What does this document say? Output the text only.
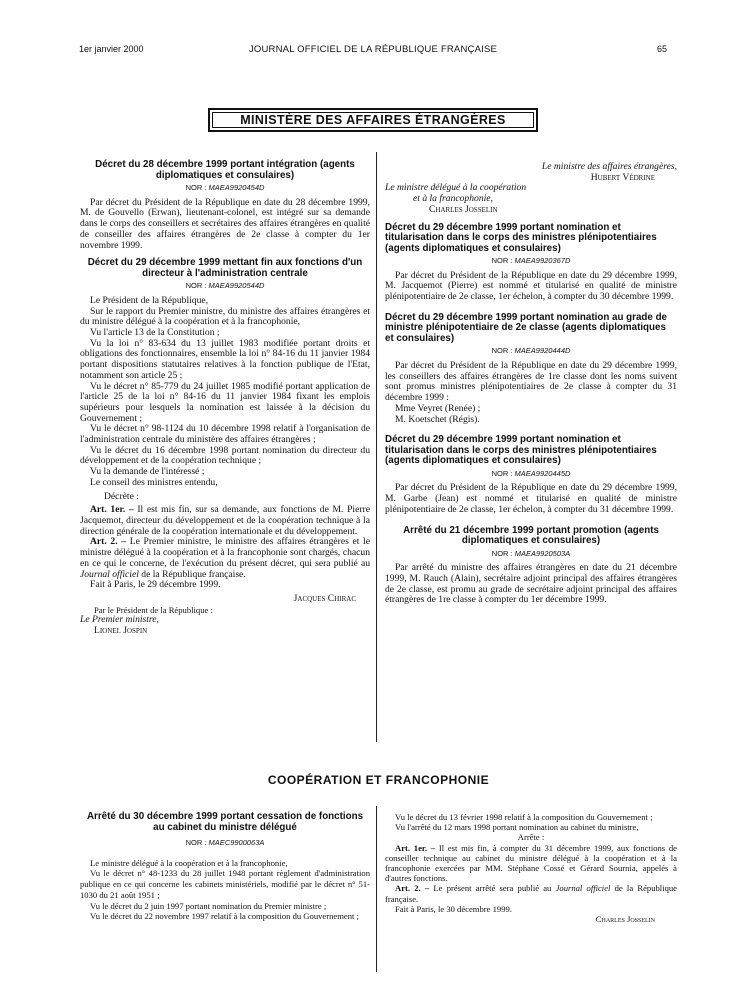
1er janvier 2000	JOURNAL OFFICIEL DE LA RÉPUBLIQUE FRANÇAISE	65
MINISTÈRE DES AFFAIRES ÉTRANGÈRES
Décret du 28 décembre 1999 portant intégration (agents diplomatiques et consulaires)
NOR : MAEA9920454D

Par décret du Président de la République en date du 28 décembre 1999, M. de Gouvello (Erwan), lieutenant-colonel, est intégré sur sa demande dans le corps des conseillers et secrétaires des affaires étrangères en qualité de conseiller des affaires étrangères de 2e classe à compter du 1er novembre 1999.

Décret du 29 décembre 1999 mettant fin aux fonctions d'un directeur à l'administration centrale
NOR : MAEA9920544D

Le Président de la République,

Sur le rapport du Premier ministre, du ministre des affaires étrangères et du ministre délégué à la coopération et à la francophonie,

Vu l'article 13 de la Constitution ;

Vu la loi n° 83-634 du 13 juillet 1983 modifiée portant droits et obligations des fonctionnaires, ensemble la loi n° 84-16 du 11 janvier 1984 portant dispositions statutaires relatives à la fonction publique de l'Etat, notamment son article 25 ;

Vu le décret n° 85-779 du 24 juillet 1985 modifié portant application de l'article 25 de la loi n° 84-16 du 11 janvier 1984 fixant les emplois supérieurs pour lesquels la nomination est laissée à la décision du Gouvernement ;

Vu le décret n° 98-1124 du 10 décembre 1998 relatif à l'organisation de l'administration centrale du ministère des affaires étrangères ;

Vu le décret du 16 décembre 1998 portant nomination du directeur du développement et de la coopération technique ;

Vu la demande de l'intéressé ;

Le conseil des ministres entendu,

Décrète :

Art. 1er. – Il est mis fin, sur sa demande, aux fonctions de M. Pierre Jacquemot, directeur du développement et de la coopération technique à la direction générale de la coopération internationale et du développement.

Art. 2. – Le Premier ministre, le ministre des affaires étrangères et le ministre délégué à la coopération et à la francophonie sont chargés, chacun en ce qui le concerne, de l'exécution du présent décret, qui sera publié au Journal officiel de la République française.

Fait à Paris, le 29 décembre 1999.

Jacques Chirac
Par le Président de la République :
Le Premier ministre,
Lionel Jospin
Le ministre des affaires étrangères,
Hubert Védrine
Le ministre délégué à la coopération
et à la francophonie,
Charles Josselin
Décret du 29 décembre 1999 portant nomination et titularisation dans le corps des ministres plénipotentiaires (agents diplomatiques et consulaires)
NOR : MAEA9920367D

Par décret du Président de la République en date du 29 décembre 1999, M. Jacquemot (Pierre) est nommé et titularisé en qualité de ministre plénipotentiaire de 2e classe, 1er échelon, à compter du 30 décembre 1999.

Décret du 29 décembre 1999 portant nomination au grade de ministre plénipotentiaire de 2e classe (agents diplomatiques et consulaires)
NOR : MAEA9920444D

Par décret du Président de la République en date du 29 décembre 1999, les conseillers des affaires étrangères de 1re classe dont les noms suivent sont promus ministres plénipotentiaires de 2e classe à compter du 31 décembre 1999 :

Mme Veyret (Renée) ;

M. Koetschet (Régis).

Décret du 29 décembre 1999 portant nomination et titularisation dans le corps des ministres plénipotentiaires (agents diplomatiques et consulaires)
NOR : MAEA9920445D

Par décret du Président de la République en date du 29 décembre 1999, M. Garbe (Jean) est nommé et titularisé en qualité de ministre plénipotentiaire de 2e classe, 1er échelon, à compter du 31 décembre 1999.

Arrêté du 21 décembre 1999 portant promotion (agents diplomatiques et consulaires)
NOR : MAEA9920503A

Par arrêté du ministre des affaires étrangères en date du 21 décembre 1999, M. Rauch (Alain), secrétaire adjoint principal des affaires étrangères de 2e classe, est promu au grade de secrétaire adjoint principal des affaires étrangères de 1re classe à compter du 1er décembre 1999.

COOPÉRATION ET FRANCOPHONIE
Arrêté du 30 décembre 1999 portant cessation de fonctions au cabinet du ministre délégué
NOR : MAEC9900063A

Le ministre délégué à la coopération et à la francophonie,

Vu le décret n° 48-1233 du 28 juillet 1948 portant règlement d'administration publique en ce qui concerne les cabinets ministériels, modifié par le décret n° 51-1030 du 21 août 1951 ;

Vu le décret du 2 juin 1997 portant nomination du Premier ministre ;

Vu le décret du 22 novembre 1997 relatif à la composition du Gouvernement ;

Vu le décret du 13 février 1998 relatif à la composition du Gouvernement ;

Vu l'arrêté du 12 mars 1998 portant nomination au cabinet du ministre,

Arrête :

Art. 1er. – Il est mis fin, à compter du 31 décembre 1999, aux fonctions de conseiller technique au cabinet du ministre délégué à la coopération et à la francophonie exercées par MM. Stéphane Cossé et Gérard Sournia, appelés à d'autres fonctions.

Art. 2. – Le présent arrêté sera publié au Journal officiel de la République française.

Fait à Paris, le 30 décembre 1999.

Charles Josselin
